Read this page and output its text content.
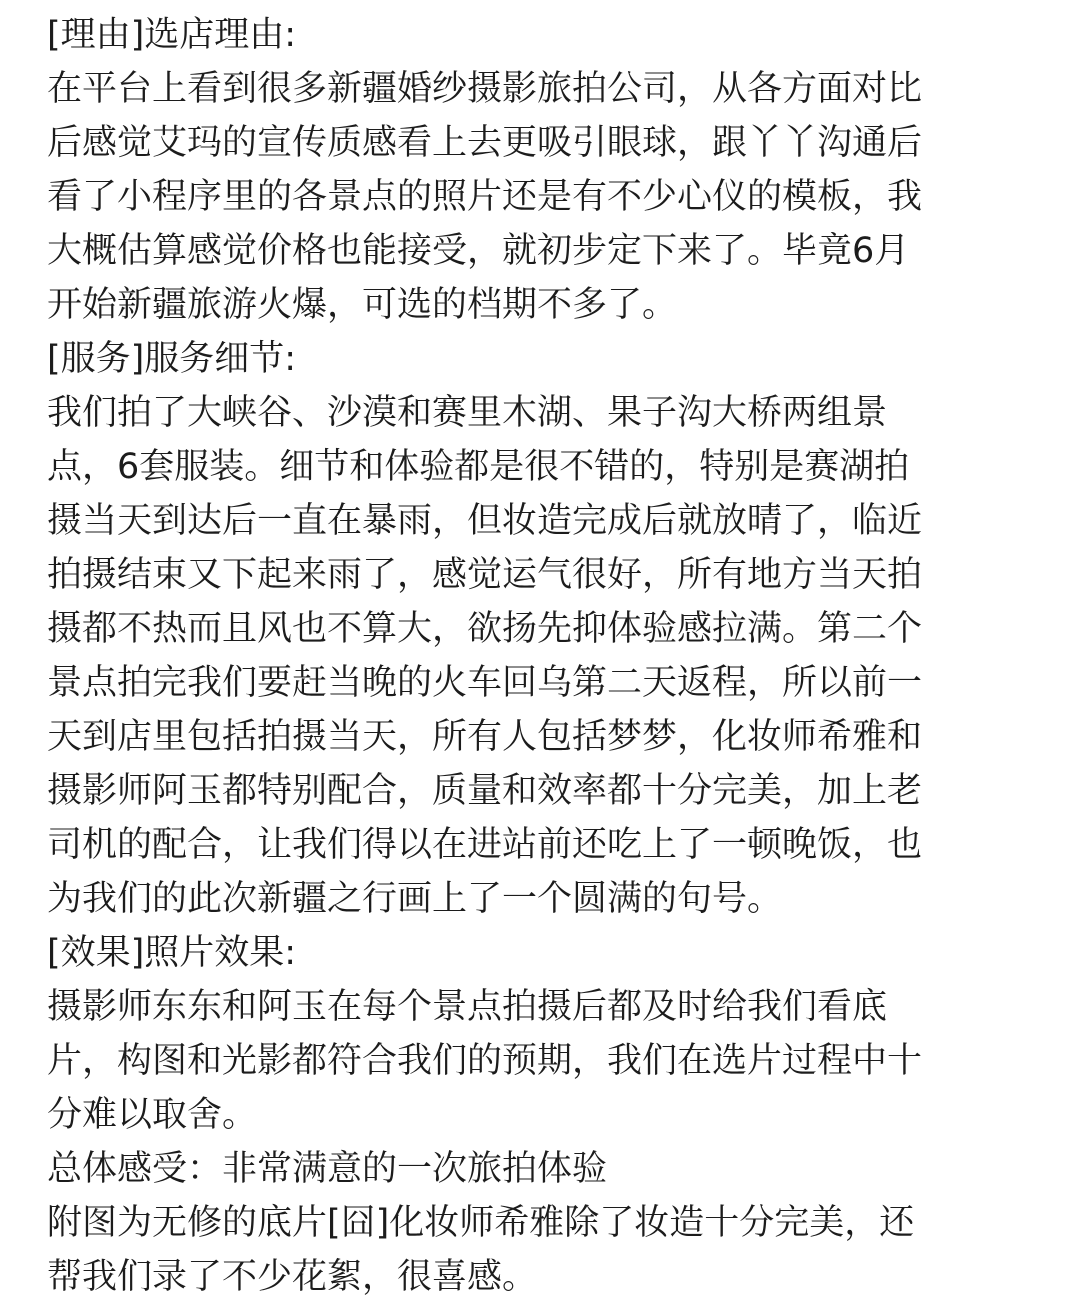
[理由]选店理由:
在平台上看到很多新疆婚纱摄影旅拍公司，从各方面对比
后感觉艾玛的宣传质感看上去更吸引眼球，跟丫丫沟通后
看了小程序里的各景点的照片还是有不少心仪的模板，我
大概估算感觉价格也能接受，就初步定下来了。毕竟6月
开始新疆旅游火爆，可选的档期不多了。
[服务]服务细节:
我们拍了大峡谷、沙漠和赛里木湖、果子沟大桥两组景
点，6套服装。细节和体验都是很不错的，特别是赛湖拍
摄当天到达后一直在暴雨，但妆造完成后就放晴了，临近
拍摄结束又下起来雨了，感觉运气很好，所有地方当天拍
摄都不热而且风也不算大，欲扬先抑体验感拉满。第二个
景点拍完我们要赶当晚的火车回乌第二天返程，所以前一
天到店里包括拍摄当天，所有人包括梦梦，化妆师希雅和
摄影师阿玉都特别配合，质量和效率都十分完美，加上老
司机的配合，让我们得以在进站前还吃上了一顿晚饭，也
为我们的此次新疆之行画上了一个圆满的句号。
[效果]照片效果:
摄影师东东和阿玉在每个景点拍摄后都及时给我们看底
片，构图和光影都符合我们的预期，我们在选片过程中十
分难以取舍。
总体感受：非常满意的一次旅拍体验
附图为无修的底片[囧]化妆师希雅除了妆造十分完美，还
帮我们录了不少花絮，很喜感。
